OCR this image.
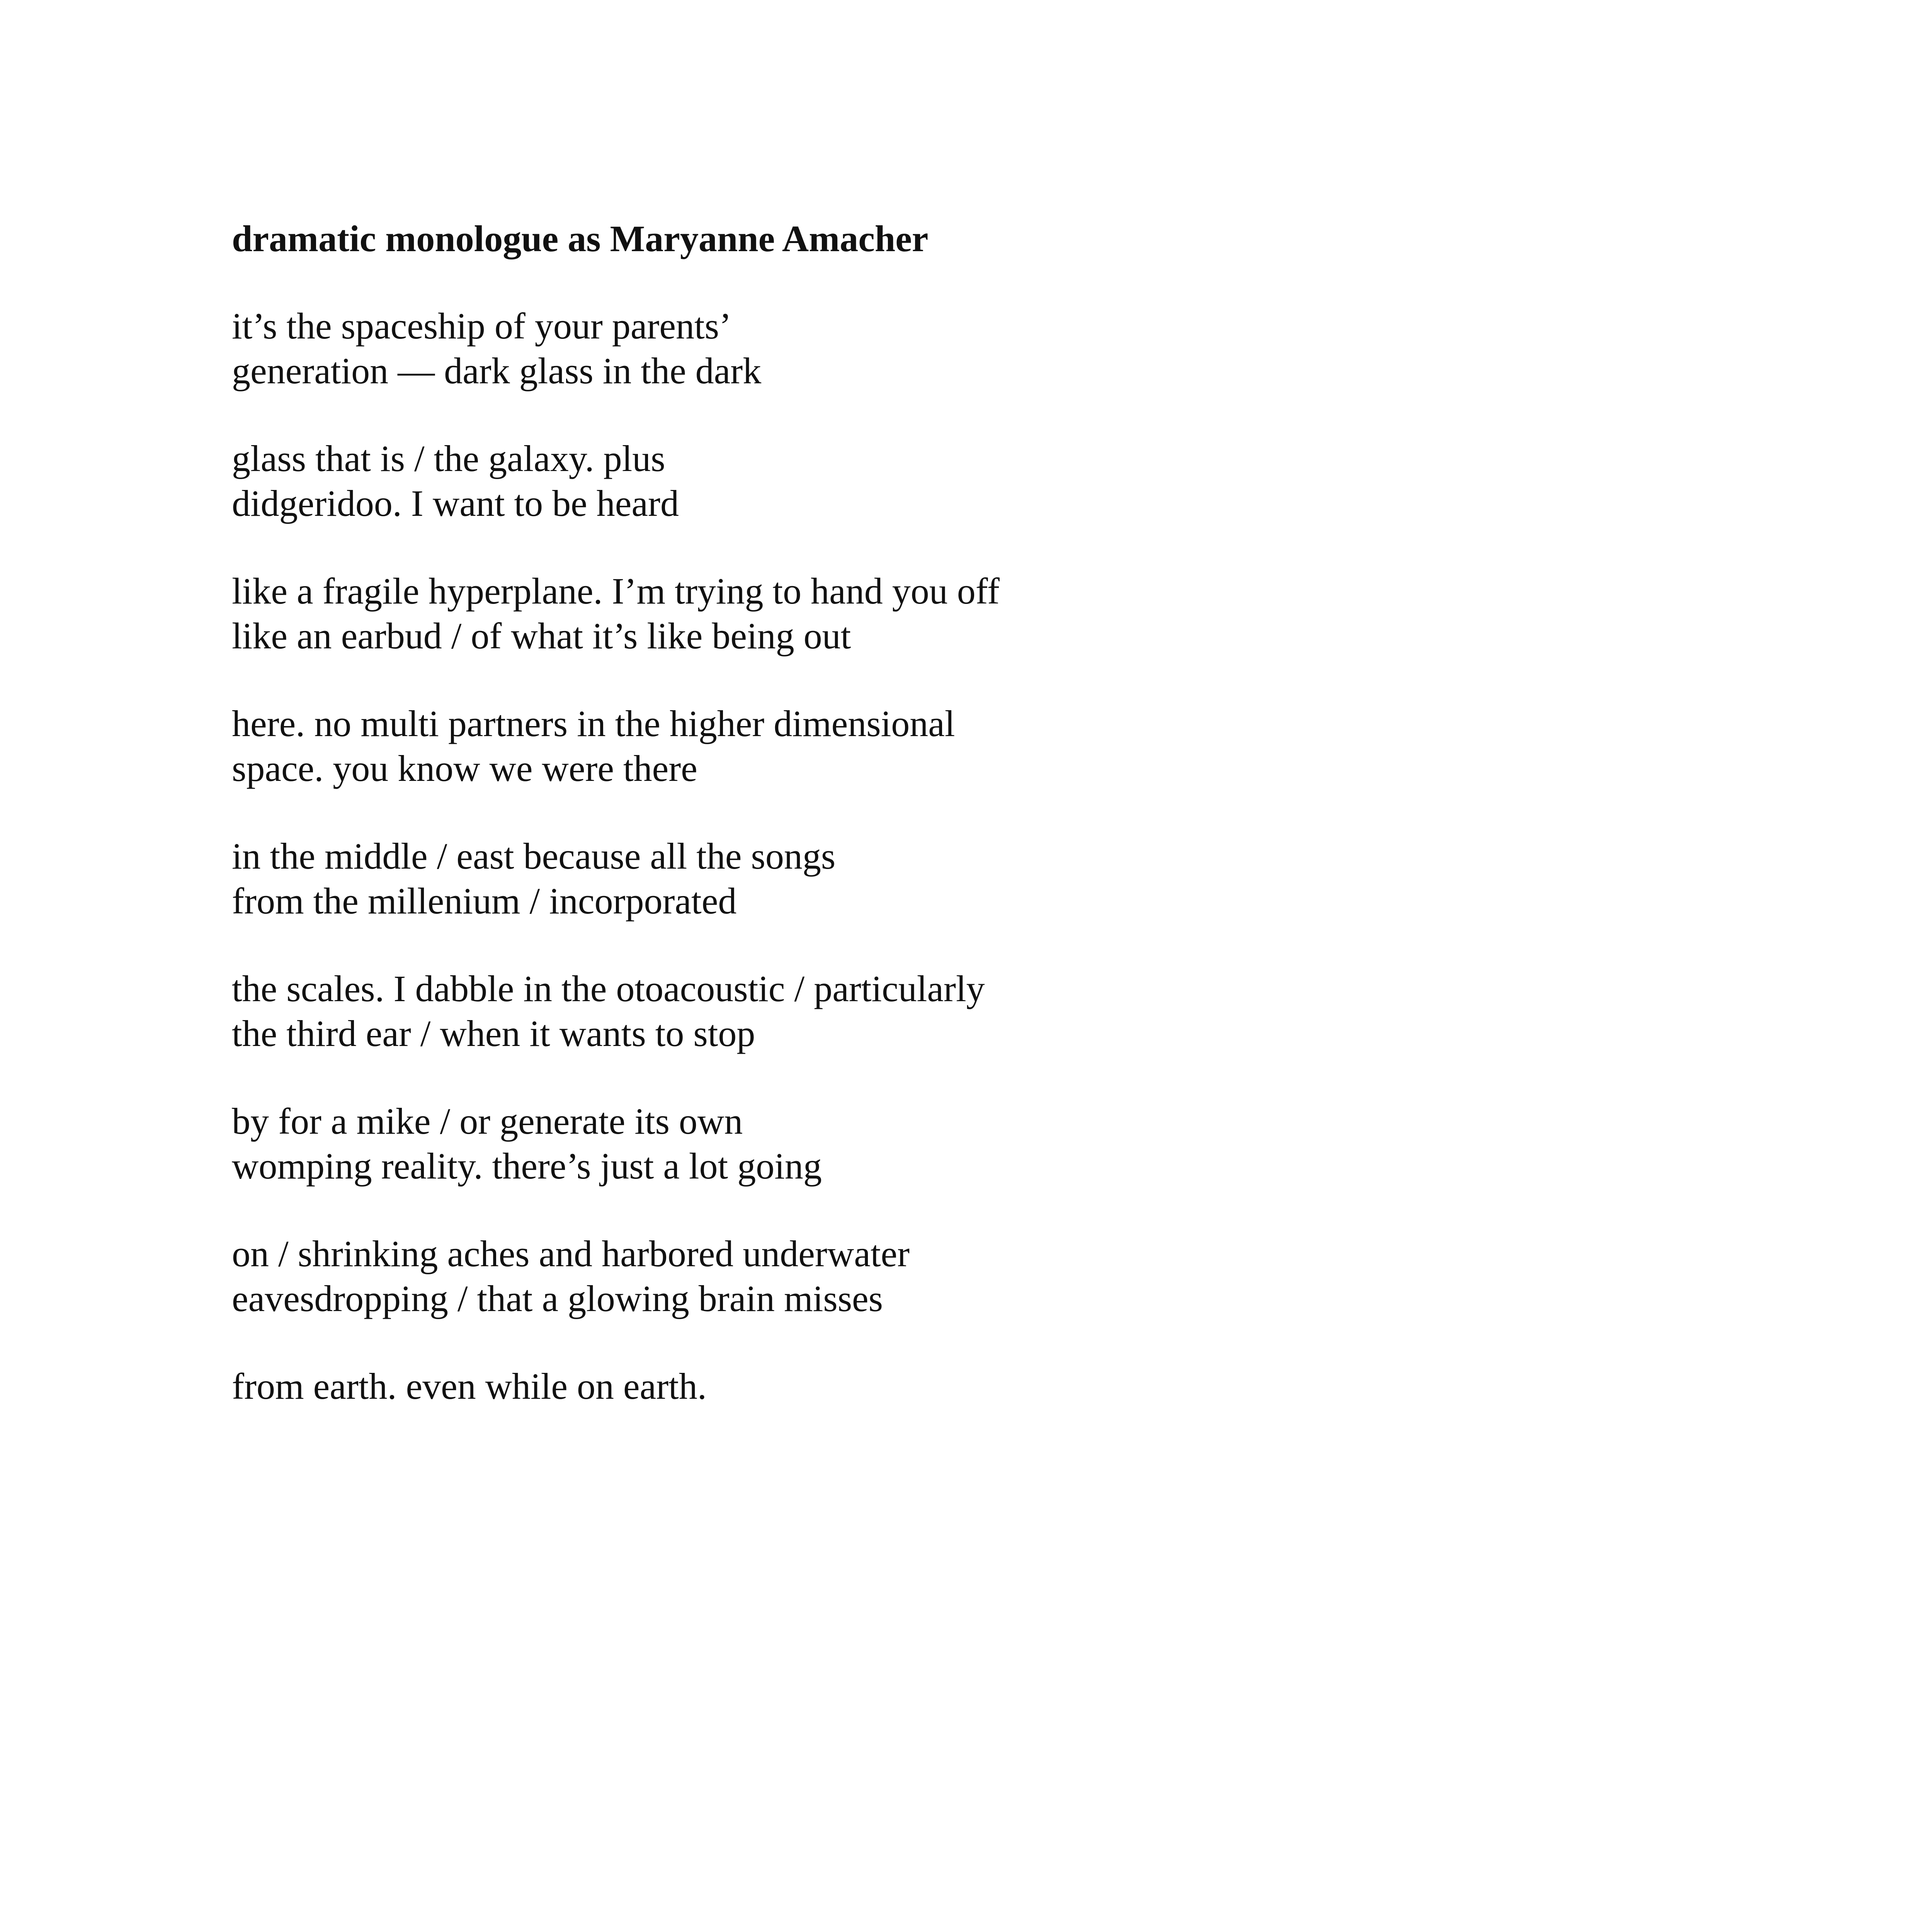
dramatic monologue as Maryanne Amacher
it’s the spaceship of your parents’
generation — dark glass in the dark
glass that is / the galaxy. plus
didgeridoo. I want to be heard
like a fragile hyperplane. I’m trying to hand you off
like an earbud / of what it’s like being out
here. no multi partners in the higher dimensional
space. you know we were there
in the middle / east because all the songs
from the millenium / incorporated
the scales. I dabble in the otoacoustic / particularly
the third ear / when it wants to stop
by for a mike / or generate its own
womping reality. there’s just a lot going
on / shrinking aches and harbored underwater
eavesdropping / that a glowing brain misses
from earth. even while on earth.
